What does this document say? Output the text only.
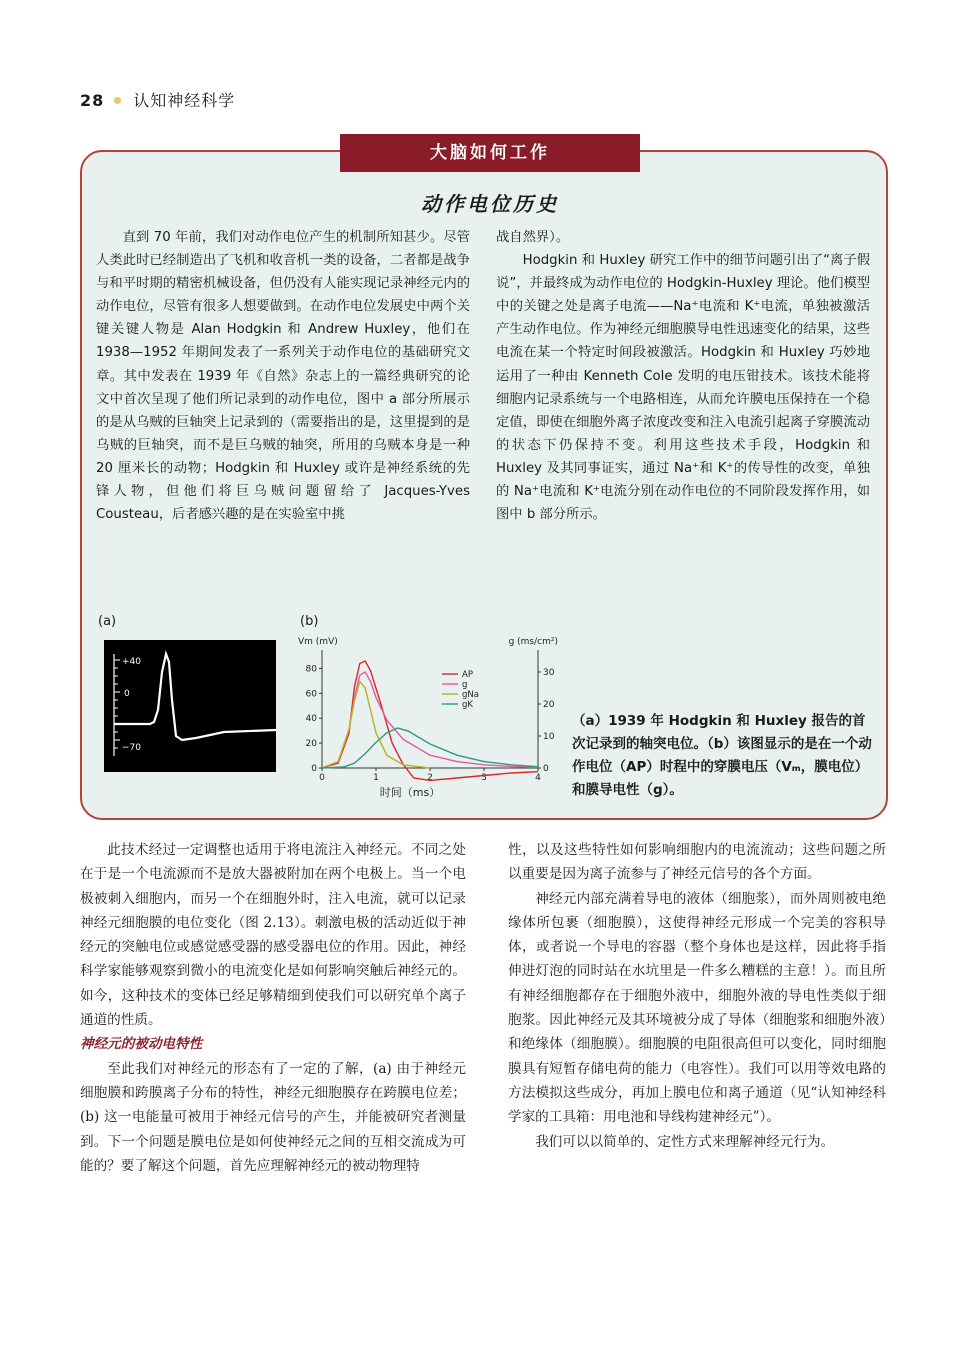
28 认知神经科学
大脑如何工作
动作电位历史

直到 70 年前，我们对动作电位产生的机制所知甚少。尽管人类此时已经制造出了飞机和收音机一类的设备，二者都是战争与和平时期的精密机械设备，但仍没有人能实现记录神经元内的动作电位，尽管有很多人想要做到。在动作电位发展史中两个关键关键人物是 Alan Hodgkin 和 Andrew Huxley，他们在 1938—1952 年期间发表了一系列关于动作电位的基础研究文章。其中发表在 1939 年《自然》杂志上的一篇经典研究的论文中首次呈现了他们所记录到的动作电位，图中 a 部分所展示的是从乌贼的巨轴突上记录到的（需要指出的是，这里提到的是乌贼的巨轴突，而不是巨乌贼的轴突，所用的乌贼本身是一种 20 厘米长的动物；Hodgkin 和 Huxley 或许是神经系统的先锋人物，但他们将巨乌贼问题留给了 Jacques-Yves Cousteau，后者感兴趣的是在实验室中挑

战自然界）。

Hodgkin 和 Huxley 研究工作中的细节问题引出了“离子假说”，并最终成为动作电位的 Hodgkin-Huxley 理论。他们模型中的关键之处是离子电流——Na⁺电流和 K⁺电流，单独被激活产生动作电位。作为神经元细胞膜导电性迅速变化的结果，这些电流在某一个特定时间段被激活。Hodgkin 和 Huxley 巧妙地运用了一种由 Kenneth Cole 发明的电压钳技术。该技术能将细胞内记录系统与一个电路相连，从而允许膜电压保持在一个稳定值，即使在细胞外离子浓度改变和注入电流引起离子穿膜流动的状态下仍保持不变。利用这些技术手段，Hodgkin 和 Huxley 及其同事证实，通过 Na⁺和 K⁺的传导性的改变，单独的 Na⁺电流和 K⁺电流分别在动作电位的不同阶段发挥作用，如图中 b 部分所示。

(a)	(b)
+40
0
−70
0
20
40
60
80
0
10
20
30
0	1	2	3	4
Vm (mV)	g (ms/cm²)
时间（ms）
AP
g
gNa
gK
（a）1939 年 Hodgkin 和 Huxley 报告的首次记录到的轴突电位。（b）该图显示的是在一个动作电位（AP）时程中的穿膜电压（Vₘ，膜电位）和膜导电性（g）。

此技术经过一定调整也适用于将电流注入神经元。不同之处在于是一个电流源而不是放大器被附加在两个电极上。当一个电极被刺入细胞内，而另一个在细胞外时，注入电流，就可以记录神经元细胞膜的电位变化（图 2.13）。刺激电极的活动近似于神经元的突触电位或感觉感受器的感受器电位的作用。因此，神经科学家能够观察到微小的电流变化是如何影响突触后神经元的。如今，这种技术的变体已经足够精细到使我们可以研究单个离子通道的性质。

神经元的被动电特性

至此我们对神经元的形态有了一定的了解，(a) 由于神经元细胞膜和跨膜离子分布的特性，神经元细胞膜存在跨膜电位差；(b) 这一电能量可被用于神经元信号的产生，并能被研究者测量到。下一个问题是膜电位是如何使神经元之间的互相交流成为可能的？要了解这个问题，首先应理解神经元的被动物理特

性，以及这些特性如何影响细胞内的电流流动；这些问题之所以重要是因为离子流参与了神经元信号的各个方面。

神经元内部充满着导电的液体（细胞浆），而外周则被电绝缘体所包裹（细胞膜），这使得神经元形成一个完美的容积导体，或者说一个导电的容器（整个身体也是这样，因此将手指伸进灯泡的同时站在水坑里是一件多么糟糕的主意！）。而且所有神经细胞都存在于细胞外液中，细胞外液的导电性类似于细胞浆。因此神经元及其环境被分成了导体（细胞浆和细胞外液）和绝缘体（细胞膜）。细胞膜的电阻很高但可以变化，同时细胞膜具有短暂存储电荷的能力（电容性）。我们可以用等效电路的方法模拟这些成分，再加上膜电位和离子通道（见“认知神经科学家的工具箱：用电池和导线构建神经元”）。

我们可以以简单的、定性方式来理解神经元行为。
